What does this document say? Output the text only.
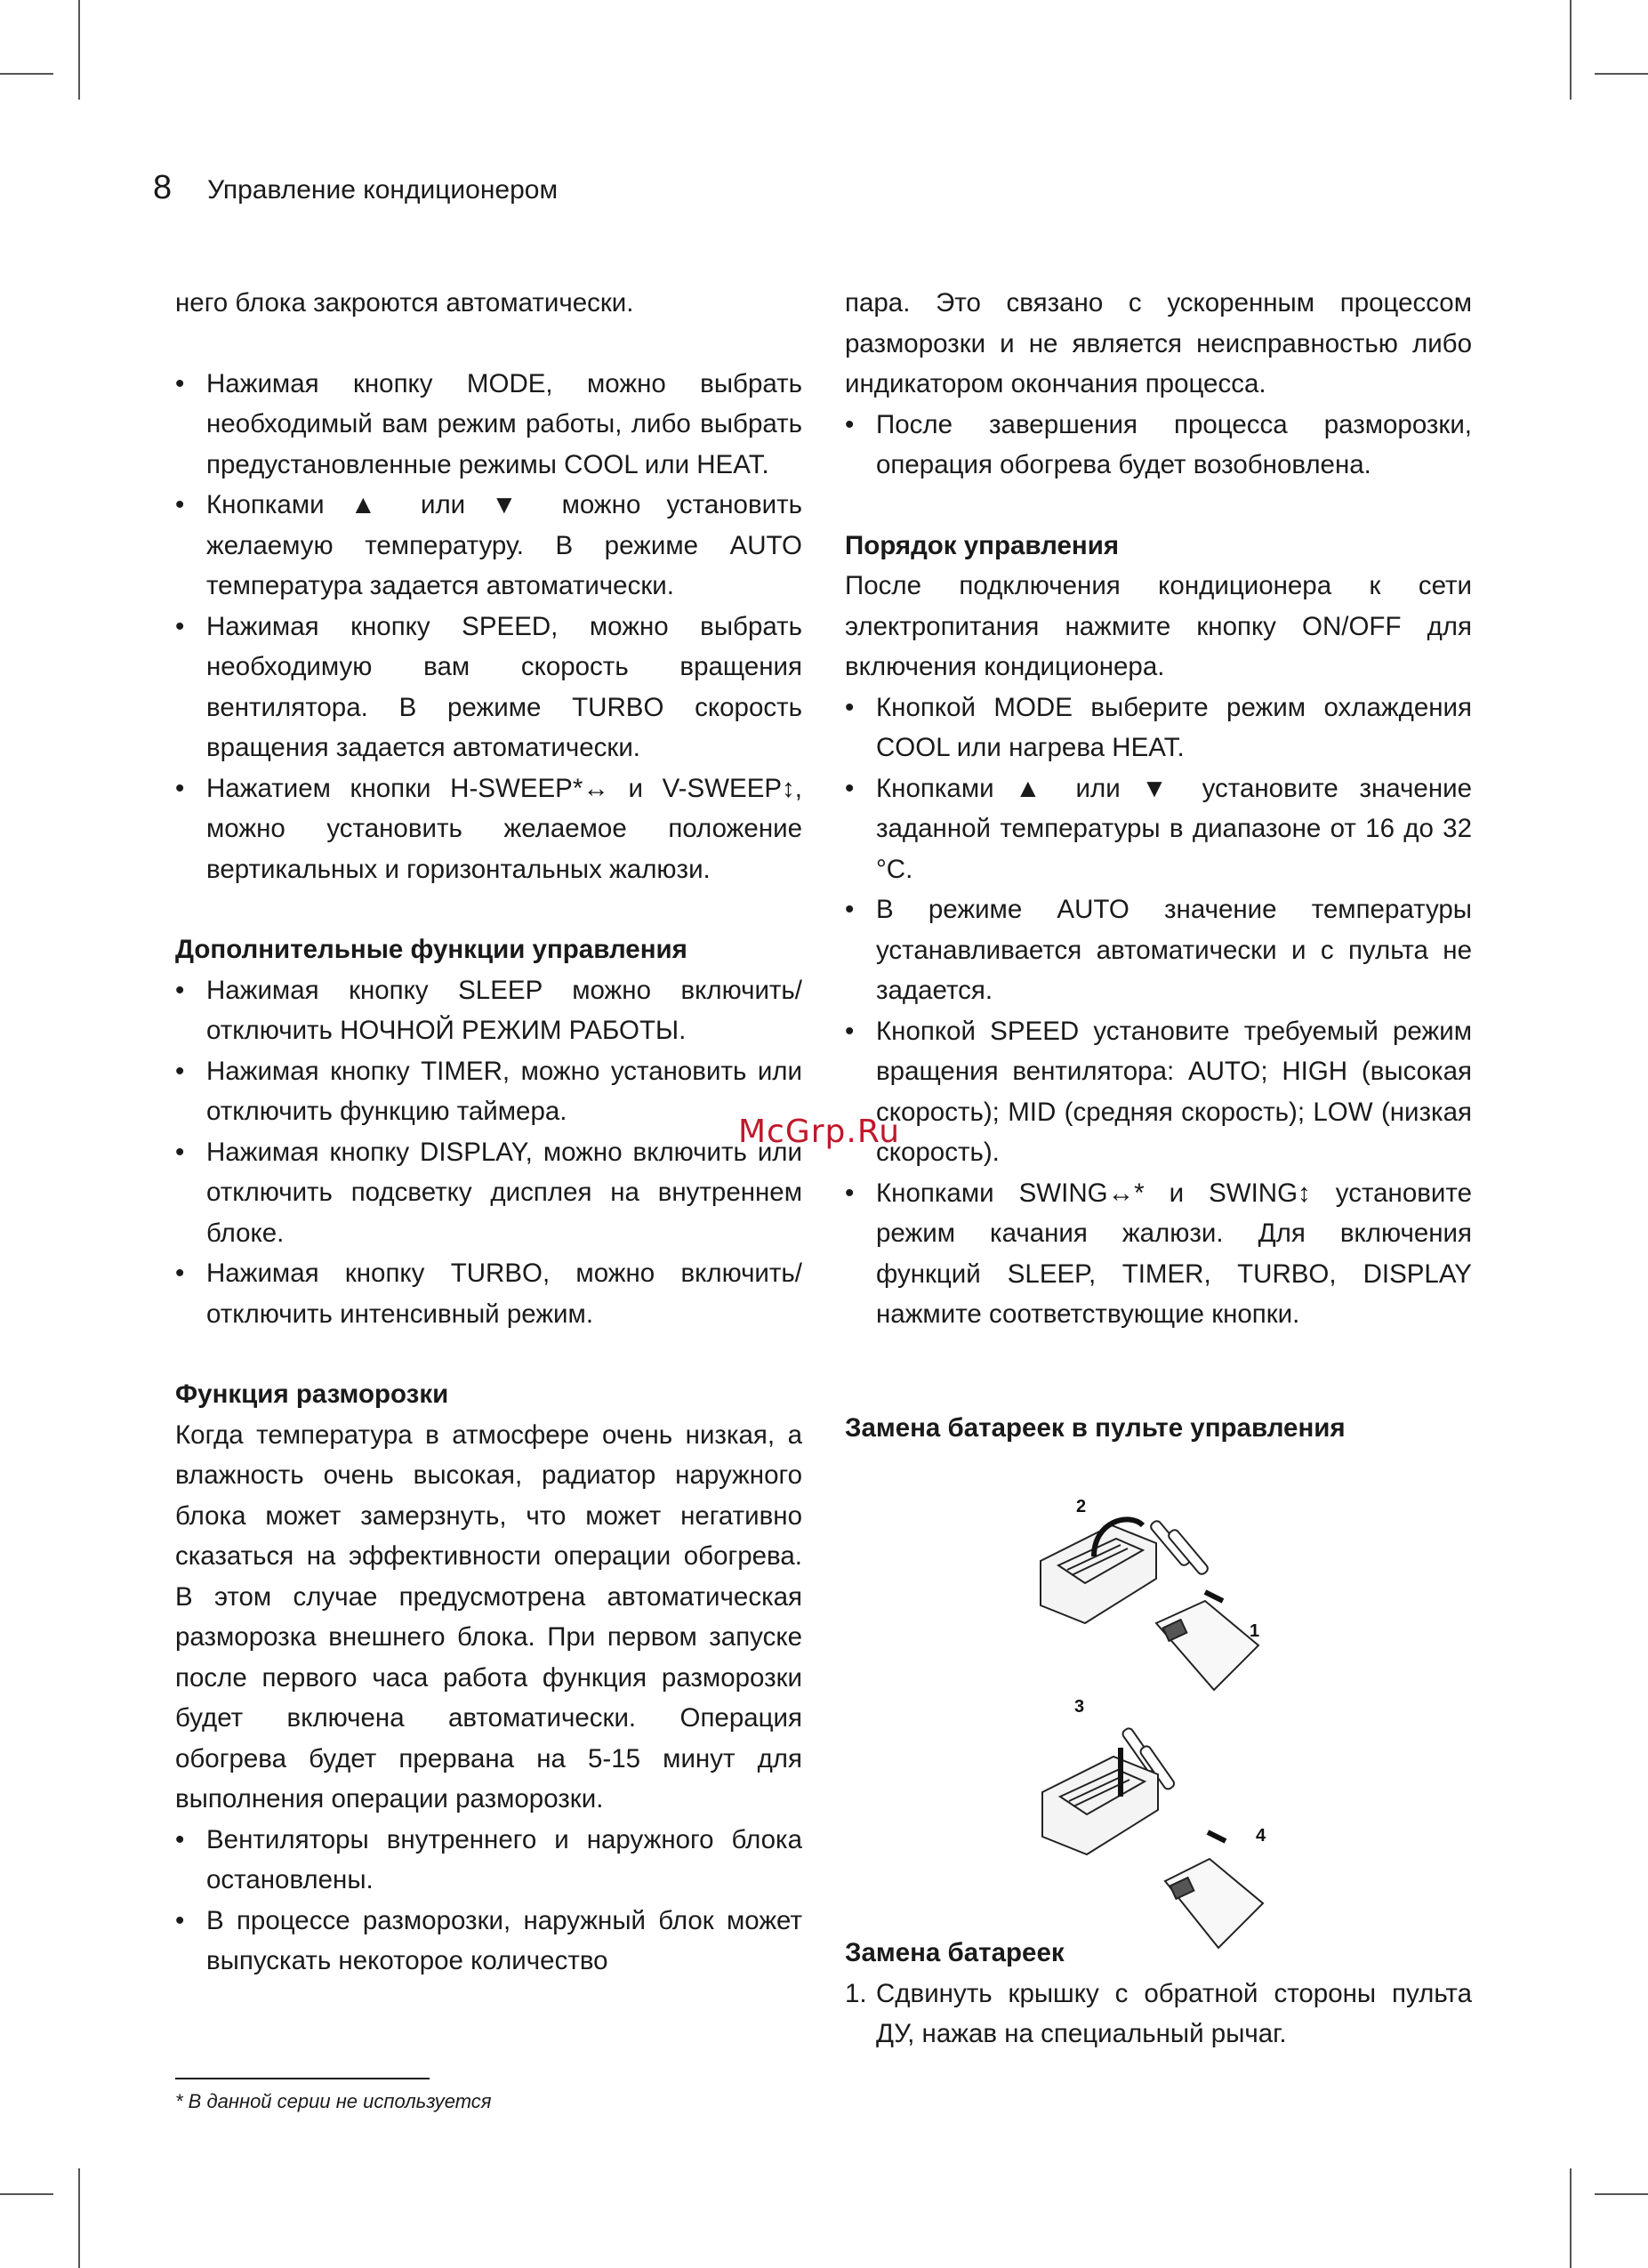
8 Управление кондиционером

него блока закроются автоматически.

• Нажимая кнопку MODE, можно выбрать необходимый вам режим работы, либо выбрать предустановленные режимы COOL или HEAT.
• Кнопками ▲ или ▼ можно установить желаемую температуру. В режиме AUTO температура задается автоматически.
• Нажимая кнопку SPEED, можно выбрать необходимую вам скорость вращения вентилятора. В режиме TURBO скорость вращения задается автоматически.
• Нажатием кнопки H-SWEEP*↔ и V-SWEEP↕, можно установить желаемое положение вертикальных и горизонтальных жалюзи.
Дополнительные функции управления
• Нажимая кнопку SLEEP можно включить/отключить НОЧНОЙ РЕЖИМ РАБОТЫ.
• Нажимая кнопку TIMER, можно установить или отключить функцию таймера.
• Нажимая кнопку DISPLAY, можно включить или отключить подсветку дисплея на внутреннем блоке.
• Нажимая кнопку TURBO, можно включить/отключить интенсивный режим.
Функция разморозки

Когда температура в атмосфере очень низкая, а влажность очень высокая, радиатор наружного блока может замерзнуть, что может негативно сказаться на эффективности операции обогрева. В этом случае предусмотрена автоматическая разморозка внешнего блока. При первом запуске после первого часа работа функция разморозки будет включена автоматически. Операция обогрева будет прервана на 5-15 минут для выполнения операции разморозки.

• Вентиляторы внутреннего и наружного блока остановлены.
• В процессе разморозки, наружный блок может выпускать некоторое количество

пара. Это связано с ускоренным процессом разморозки и не является неисправностью либо индикатором окончания процесса.

• После завершения процесса разморозки, операция обогрева будет возобновлена.
Порядок управления

После подключения кондиционера к сети электропитания нажмите кнопку ON/OFF для включения кондиционера.

• Кнопкой MODE выберите режим охлаждения COOL или нагрева HEAT.
• Кнопками ▲ или ▼ установите значение заданной температуры в диапазоне от 16 до 32 °С.
• В режиме AUTO значение температуры устанавливается автоматически и с пульта не задается.
• Кнопкой SPEED установите требуемый режим вращения вентилятора: AUTO; HIGH (высокая скорость); MID (средняя скорость); LOW (низкая скорость).
• Кнопками SWING↔* и SWING↕ установите режим качания жалюзи. Для включения функций SLEEP, TIMER, TURBO, DISPLAY нажмите соответствующие кнопки.
Замена батареек в пульте управления
Замена батареек
1. Сдвинуть крышку с обратной стороны пульта ДУ, нажав на специальный рычаг.
McGrp.Ru
2
1
3
4
* В данной серии не используется
